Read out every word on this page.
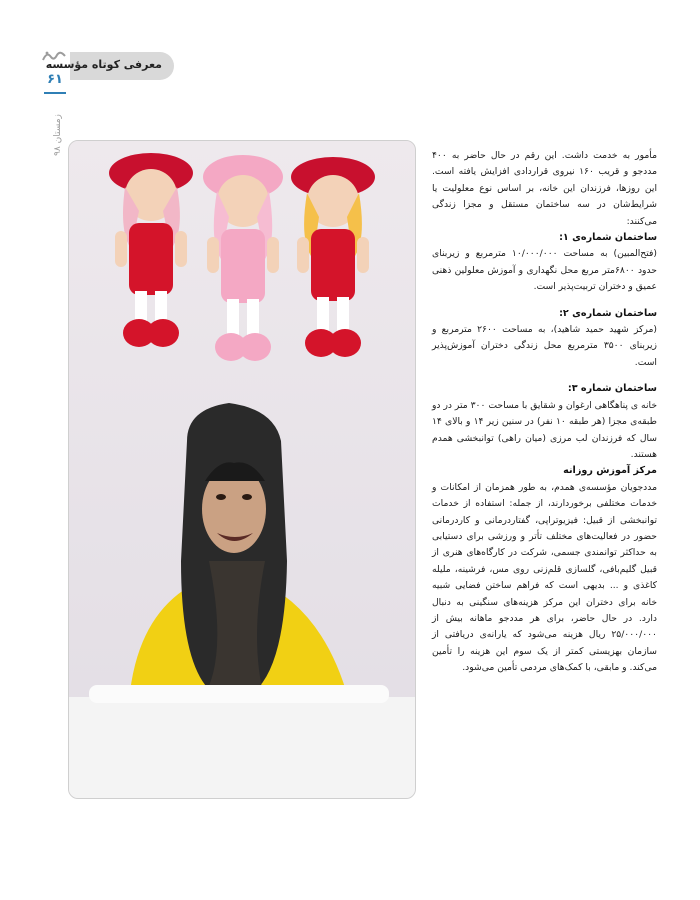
معرفی کوتاه مؤسسه
۶۱
زمستان ۹۸

مأمور به خدمت داشت. این رقم در حال حاضر به ۴۰۰ مددجو و قریب ۱۶۰ نیروی قراردادی افزایش یافته است. این روزها، فرزندان این خانه، بر اساس نوع معلولیت یا شرایط‌شان در سه ساختمان مستقل و مجزا زندگی می‌کنند:

ساختمان شماره‌ی ۱:

(فتح‌المبین) به مساحت ۱۰/۰۰۰/۰۰۰ مترمربع و زیربنای حدود ۶۸۰۰متر مربع محل نگهداری و آموزش معلولین ذهنی عمیق و دختران تربیت‌پذیر است.

ساختمان شماره‌ی ۲:

(مرکز شهید حمید شاهید)، به مساحت ۲۶۰۰ مترمربع و زیربنای ۳۵۰۰ مترمربع محل زندگی دختران آموزش‌پذیر است.

ساختمان شماره ۳:

خانه ی پناهگاهی ارغوان و شقایق با مساحت ۳۰۰ متر در دو طبقه‌ی مجزا (هر طبقه ۱۰ نفر) در سنین زیر ۱۴ و بالای ۱۴ سال که فرزندان لب مرزی (میان راهی) توانبخشی همدم هستند.

مرکز آموزش روزانه

مددجویان مؤسسه‌ی همدم، به طور همزمان از امکانات و خدمات مختلفی برخوردارند، از جمله: استفاده از خدمات توانبخشی از قبیل: فیزیوتراپی، گفتاردرمانی و کاردرمانی حضور در فعالیت‌های مختلف تأتر و ورزشی برای دستیابی به حداکثر توانمندی جسمی، شرکت در کارگاه‌های هنری از قبیل گلیم‌بافی، گلسازی قلم‌زنی روی مس، فرشینه، ملیله کاغذی و ... بدیهی است که فراهم ساختن فضایی شبیه خانه برای دختران این مرکز هزینه‌های سنگینی به دنبال دارد. در حال حاضر، برای هر مددجو ماهانه بیش از ۲۵/۰۰۰/۰۰۰ ریال هزینه می‌شود که یارانه‌ی دریافتی از سازمان بهزیستی کمتر از یک سوم این هزینه را تأمین می‌کند. و مابقی، با کمک‌های مردمی تأمین می‌شود.
